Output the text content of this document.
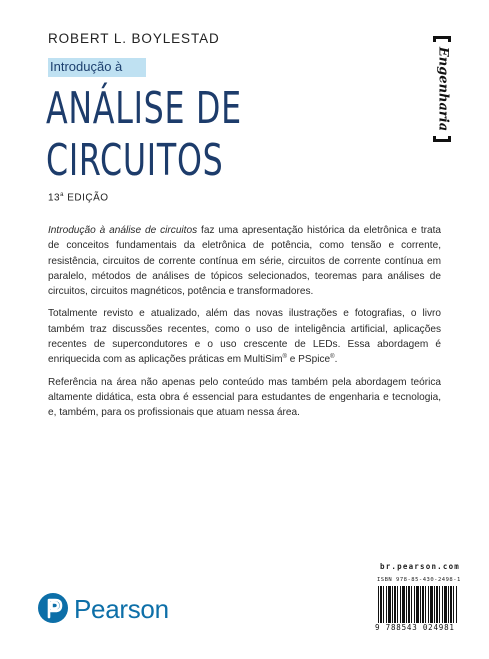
ROBERT L. BOYLESTAD
Introdução à
ANÁLISE DE
CIRCUITOS
13$^a$ EDIÇÃO
Engenharia

Introdução à análise de circuitos faz uma apresentação histórica da eletrônica e trata de conceitos fundamentais da eletrônica de potência, como tensão e corrente, resistência, circuitos de corrente contínua em série, circuitos de corrente contínua em paralelo, métodos de análises de tópicos selecionados, teoremas para análises de circuitos, circuitos magnéticos, potência e transformadores.

Totalmente revisto e atualizado, além das novas ilustrações e fotografias, o livro também traz discussões recentes, como o uso de inteligência artificial, aplicações recentes de supercondutores e o uso crescente de LEDs. Essa abordagem é enriquecida com as aplicações práticas em MultiSim® e PSpice®.

Referência na área não apenas pelo conteúdo mas também pela abordagem teórica altamente didática, esta obra é essencial para estudantes de engenharia e tecnologia, e, também, para os profissionais que atuam nessa área.

Pearson
br.pearson.com
ISBN 978-85-430-2498-1
9 788543 024981
